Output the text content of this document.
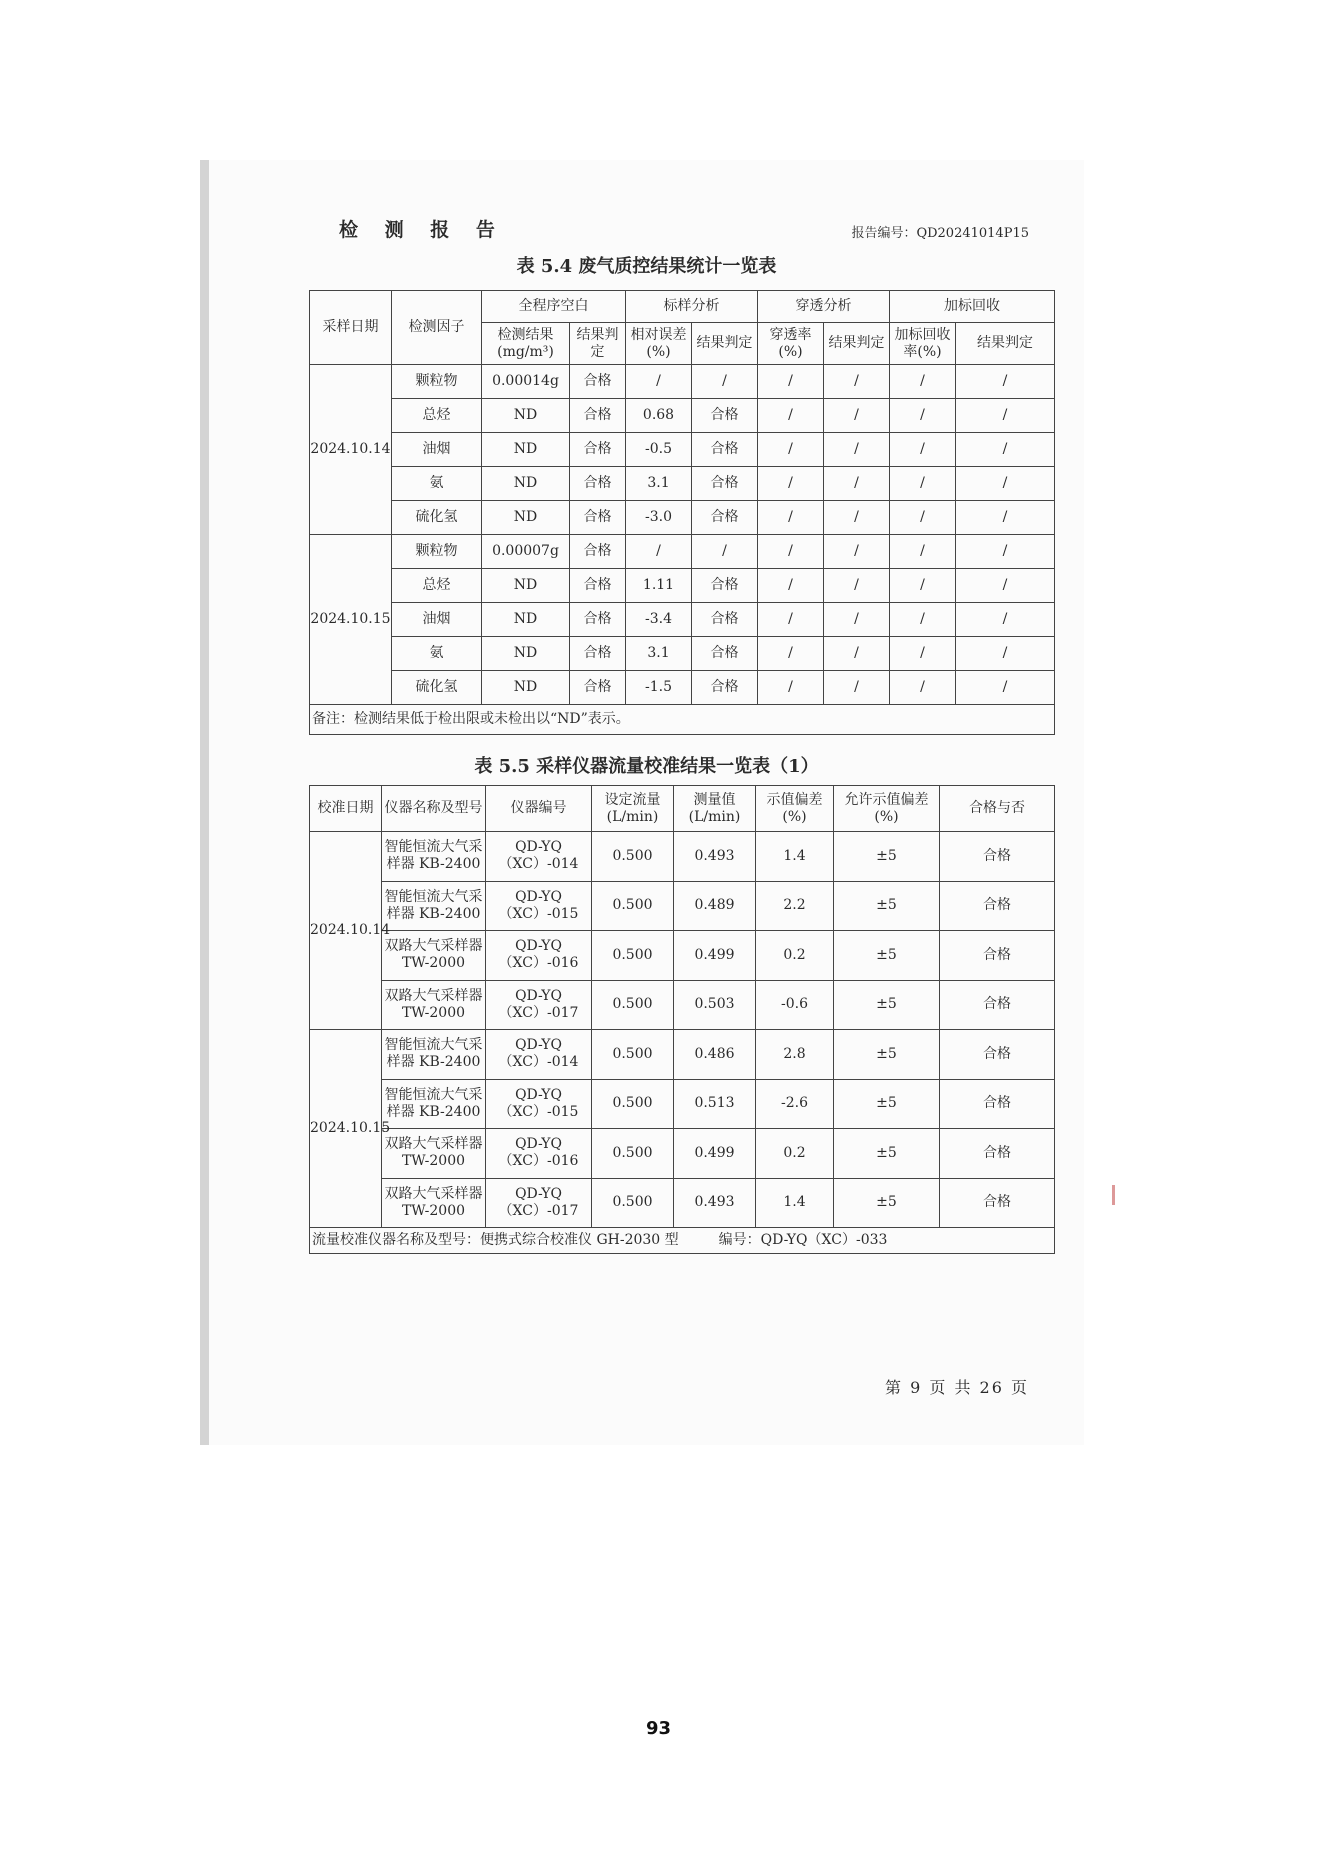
检 测 报 告	报告编号：QD20241014P15
表 5.4 废气质控结果统计一览表
采样日期	检测因子	全程序空白		标样分析		穿透分析		加标回收	
		检测结果(mg/m³)	结果判定	相对误差(%)	结果判定	穿透率(%)	结果判定	加标回收率(%)	结果判定
2024.10.14	颗粒物	0.00014g	合格	/	/	/	/	/	/
	总烃	ND	合格	0.68	合格	/	/	/	/
	油烟	ND	合格	-0.5	合格	/	/	/	/
	氨	ND	合格	3.1	合格	/	/	/	/
	硫化氢	ND	合格	-3.0	合格	/	/	/	/
2024.10.15	颗粒物	0.00007g	合格	/	/	/	/	/	/
	总烃	ND	合格	1.11	合格	/	/	/	/
	油烟	ND	合格	-3.4	合格	/	/	/	/
	氨	ND	合格	3.1	合格	/	/	/	/
	硫化氢	ND	合格	-1.5	合格	/	/	/	/
备注：检测结果低于检出限或未检出以“ND”表示。									
表 5.5 采样仪器流量校准结果一览表（1）
校准日期	仪器名称及型号	仪器编号	设定流量(L/min)	测量值(L/min)	示值偏差(%)	允许示值偏差(%)	合格与否
2024.10.14	智能恒流大气采样器 KB-2400	QD-YQ（XC）-014	0.500	0.493	1.4	±5	合格
	智能恒流大气采样器 KB-2400	QD-YQ（XC）-015	0.500	0.489	2.2	±5	合格
	双路大气采样器 TW-2000	QD-YQ（XC）-016	0.500	0.499	0.2	±5	合格
	双路大气采样器 TW-2000	QD-YQ（XC）-017	0.500	0.503	-0.6	±5	合格
2024.10.15	智能恒流大气采样器 KB-2400	QD-YQ（XC）-014	0.500	0.486	2.8	±5	合格
	智能恒流大气采样器 KB-2400	QD-YQ（XC）-015	0.500	0.513	-2.6	±5	合格
	双路大气采样器 TW-2000	QD-YQ（XC）-016	0.500	0.499	0.2	±5	合格
	双路大气采样器 TW-2000	QD-YQ（XC）-017	0.500	0.493	1.4	±5	合格
流量校准仪器名称及型号：便携式综合校准仪 GH-2030 型 编号：QD-YQ（XC）-033							
第 9 页 共 26 页
93
